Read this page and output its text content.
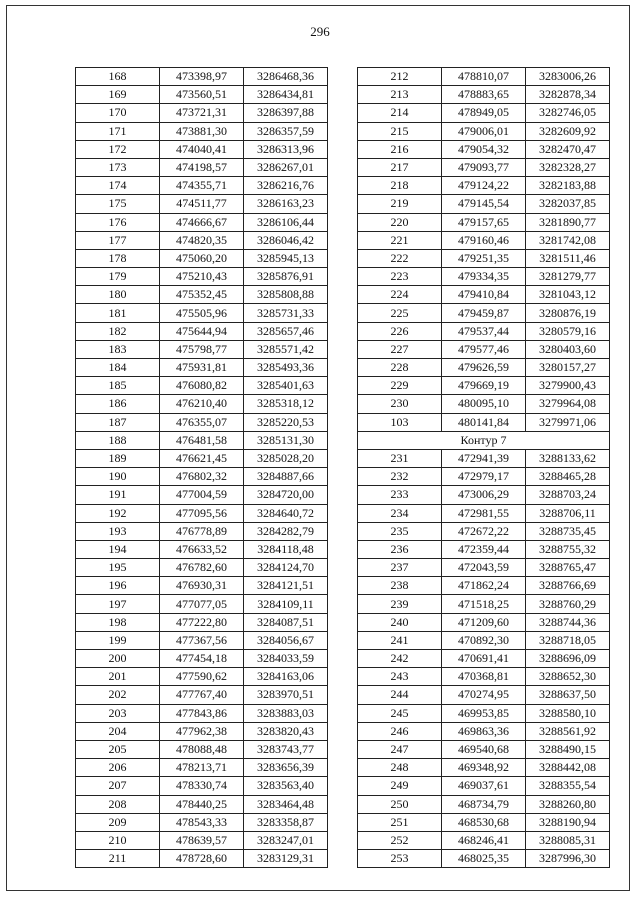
296
168	473398,97	3286468,36
169	473560,51	3286434,81
170	473721,31	3286397,88
171	473881,30	3286357,59
172	474040,41	3286313,96
173	474198,57	3286267,01
174	474355,71	3286216,76
175	474511,77	3286163,23
176	474666,67	3286106,44
177	474820,35	3286046,42
178	475060,20	3285945,13
179	475210,43	3285876,91
180	475352,45	3285808,88
181	475505,96	3285731,33
182	475644,94	3285657,46
183	475798,77	3285571,42
184	475931,81	3285493,36
185	476080,82	3285401,63
186	476210,40	3285318,12
187	476355,07	3285220,53
188	476481,58	3285131,30
189	476621,45	3285028,20
190	476802,32	3284887,66
191	477004,59	3284720,00
192	477095,56	3284640,72
193	476778,89	3284282,79
194	476633,52	3284118,48
195	476782,60	3284124,70
196	476930,31	3284121,51
197	477077,05	3284109,11
198	477222,80	3284087,51
199	477367,56	3284056,67
200	477454,18	3284033,59
201	477590,62	3284163,06
202	477767,40	3283970,51
203	477843,86	3283883,03
204	477962,38	3283820,43
205	478088,48	3283743,77
206	478213,71	3283656,39
207	478330,74	3283563,40
208	478440,25	3283464,48
209	478543,33	3283358,87
210	478639,57	3283247,01
211	478728,60	3283129,31
212	478810,07	3283006,26
213	478883,65	3282878,34
214	478949,05	3282746,05
215	479006,01	3282609,92
216	479054,32	3282470,47
217	479093,77	3282328,27
218	479124,22	3282183,88
219	479145,54	3282037,85
220	479157,65	3281890,77
221	479160,46	3281742,08
222	479251,35	3281511,46
223	479334,35	3281279,77
224	479410,84	3281043,12
225	479459,87	3280876,19
226	479537,44	3280579,16
227	479577,46	3280403,60
228	479626,59	3280157,27
229	479669,19	3279900,43
230	480095,10	3279964,08
103	480141,84	3279971,06
Контур 7		
231	472941,39	3288133,62
232	472979,17	3288465,28
233	473006,29	3288703,24
234	472981,55	3288706,11
235	472672,22	3288735,45
236	472359,44	3288755,32
237	472043,59	3288765,47
238	471862,24	3288766,69
239	471518,25	3288760,29
240	471209,60	3288744,36
241	470892,30	3288718,05
242	470691,41	3288696,09
243	470368,81	3288652,30
244	470274,95	3288637,50
245	469953,85	3288580,10
246	469863,36	3288561,92
247	469540,68	3288490,15
248	469348,92	3288442,08
249	469037,61	3288355,54
250	468734,79	3288260,80
251	468530,68	3288190,94
252	468246,41	3288085,31
253	468025,35	3287996,30
